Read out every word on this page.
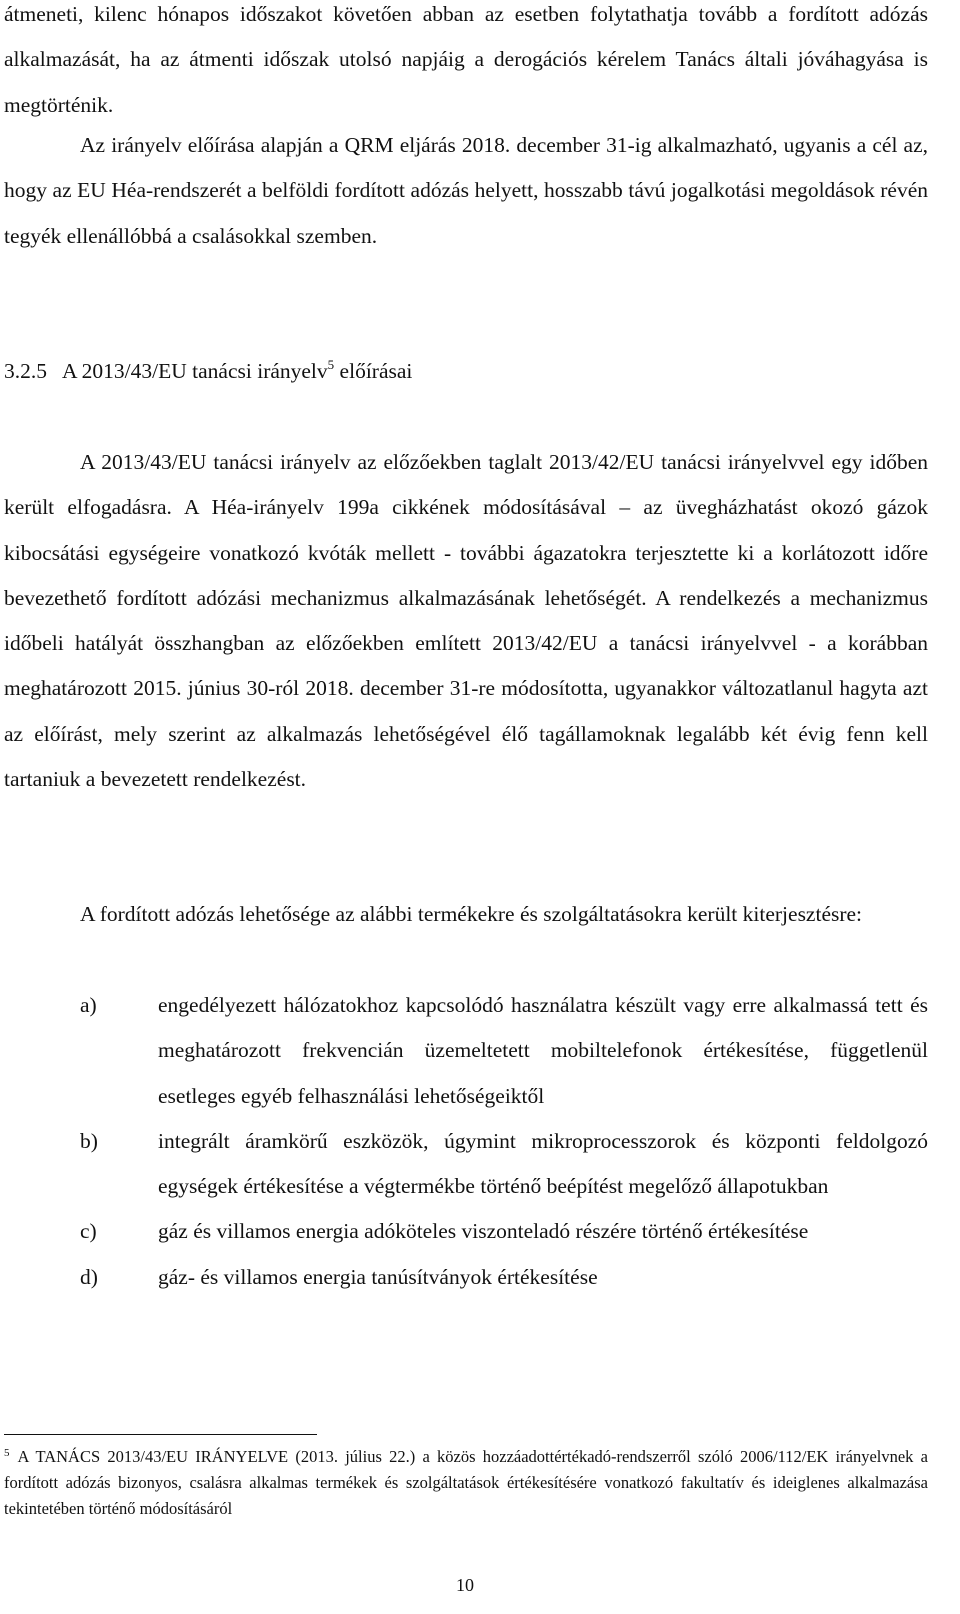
átmeneti, kilenc hónapos időszakot követően abban az esetben folytathatja tovább a fordított adózás alkalmazását, ha az átmenti időszak utolsó napjáig a derogációs kérelem Tanács általi jóváhagyása is megtörténik.

Az irányelv előírása alapján a QRM eljárás 2018. december 31-ig alkalmazható, ugyanis a cél az, hogy az EU Héa-rendszerét a belföldi fordított adózás helyett, hosszabb távú jogalkotási megoldások révén tegyék ellenállóbbá a csalásokkal szemben.

3.2.5 A 2013/43/EU tanácsi irányelv$^5$ előírásai

A 2013/43/EU tanácsi irányelv az előzőekben taglalt 2013/42/EU tanácsi irányelvvel egy időben került elfogadásra. A Héa-irányelv 199a cikkének módosításával – az üvegházhatást okozó gázok kibocsátási egységeire vonatkozó kvóták mellett - további ágazatokra terjesztette ki a korlátozott időre bevezethető fordított adózási mechanizmus alkalmazásának lehetőségét. A rendelkezés a mechanizmus időbeli hatályát összhangban az előzőekben említett 2013/42/EU a tanácsi irányelvvel - a korábban meghatározott 2015. június 30-ról 2018. december 31-re módosította, ugyanakkor változatlanul hagyta azt az előírást, mely szerint az alkalmazás lehetőségével élő tagállamoknak legalább két évig fenn kell tartaniuk a bevezetett rendelkezést.

A fordított adózás lehetősége az alábbi termékekre és szolgáltatásokra került kiterjesztésre:

a)	engedélyezett hálózatokhoz kapcsolódó használatra készült vagy erre alkalmassá tett és meghatározott frekvencián üzemeltetett mobiltelefonok értékesítése, függetlenül esetleges egyéb felhasználási lehetőségeiktől
b)	integrált áramkörű eszközök, úgymint mikroprocesszorok és központi feldolgozó egységek értékesítése a végtermékbe történő beépítést megelőző állapotukban
c)	gáz és villamos energia adóköteles viszonteladó részére történő értékesítése
d)	gáz- és villamos energia tanúsítványok értékesítése
$^5$ A TANÁCS 2013/43/EU IRÁNYELVE (2013. július 22.) a közös hozzáadottértékadó-rendszerről szóló 2006/112/EK irányelvnek a fordított adózás bizonyos, csalásra alkalmas termékek és szolgáltatások értékesítésére vonatkozó fakultatív és ideiglenes alkalmazása tekintetében történő módosításáról
10
